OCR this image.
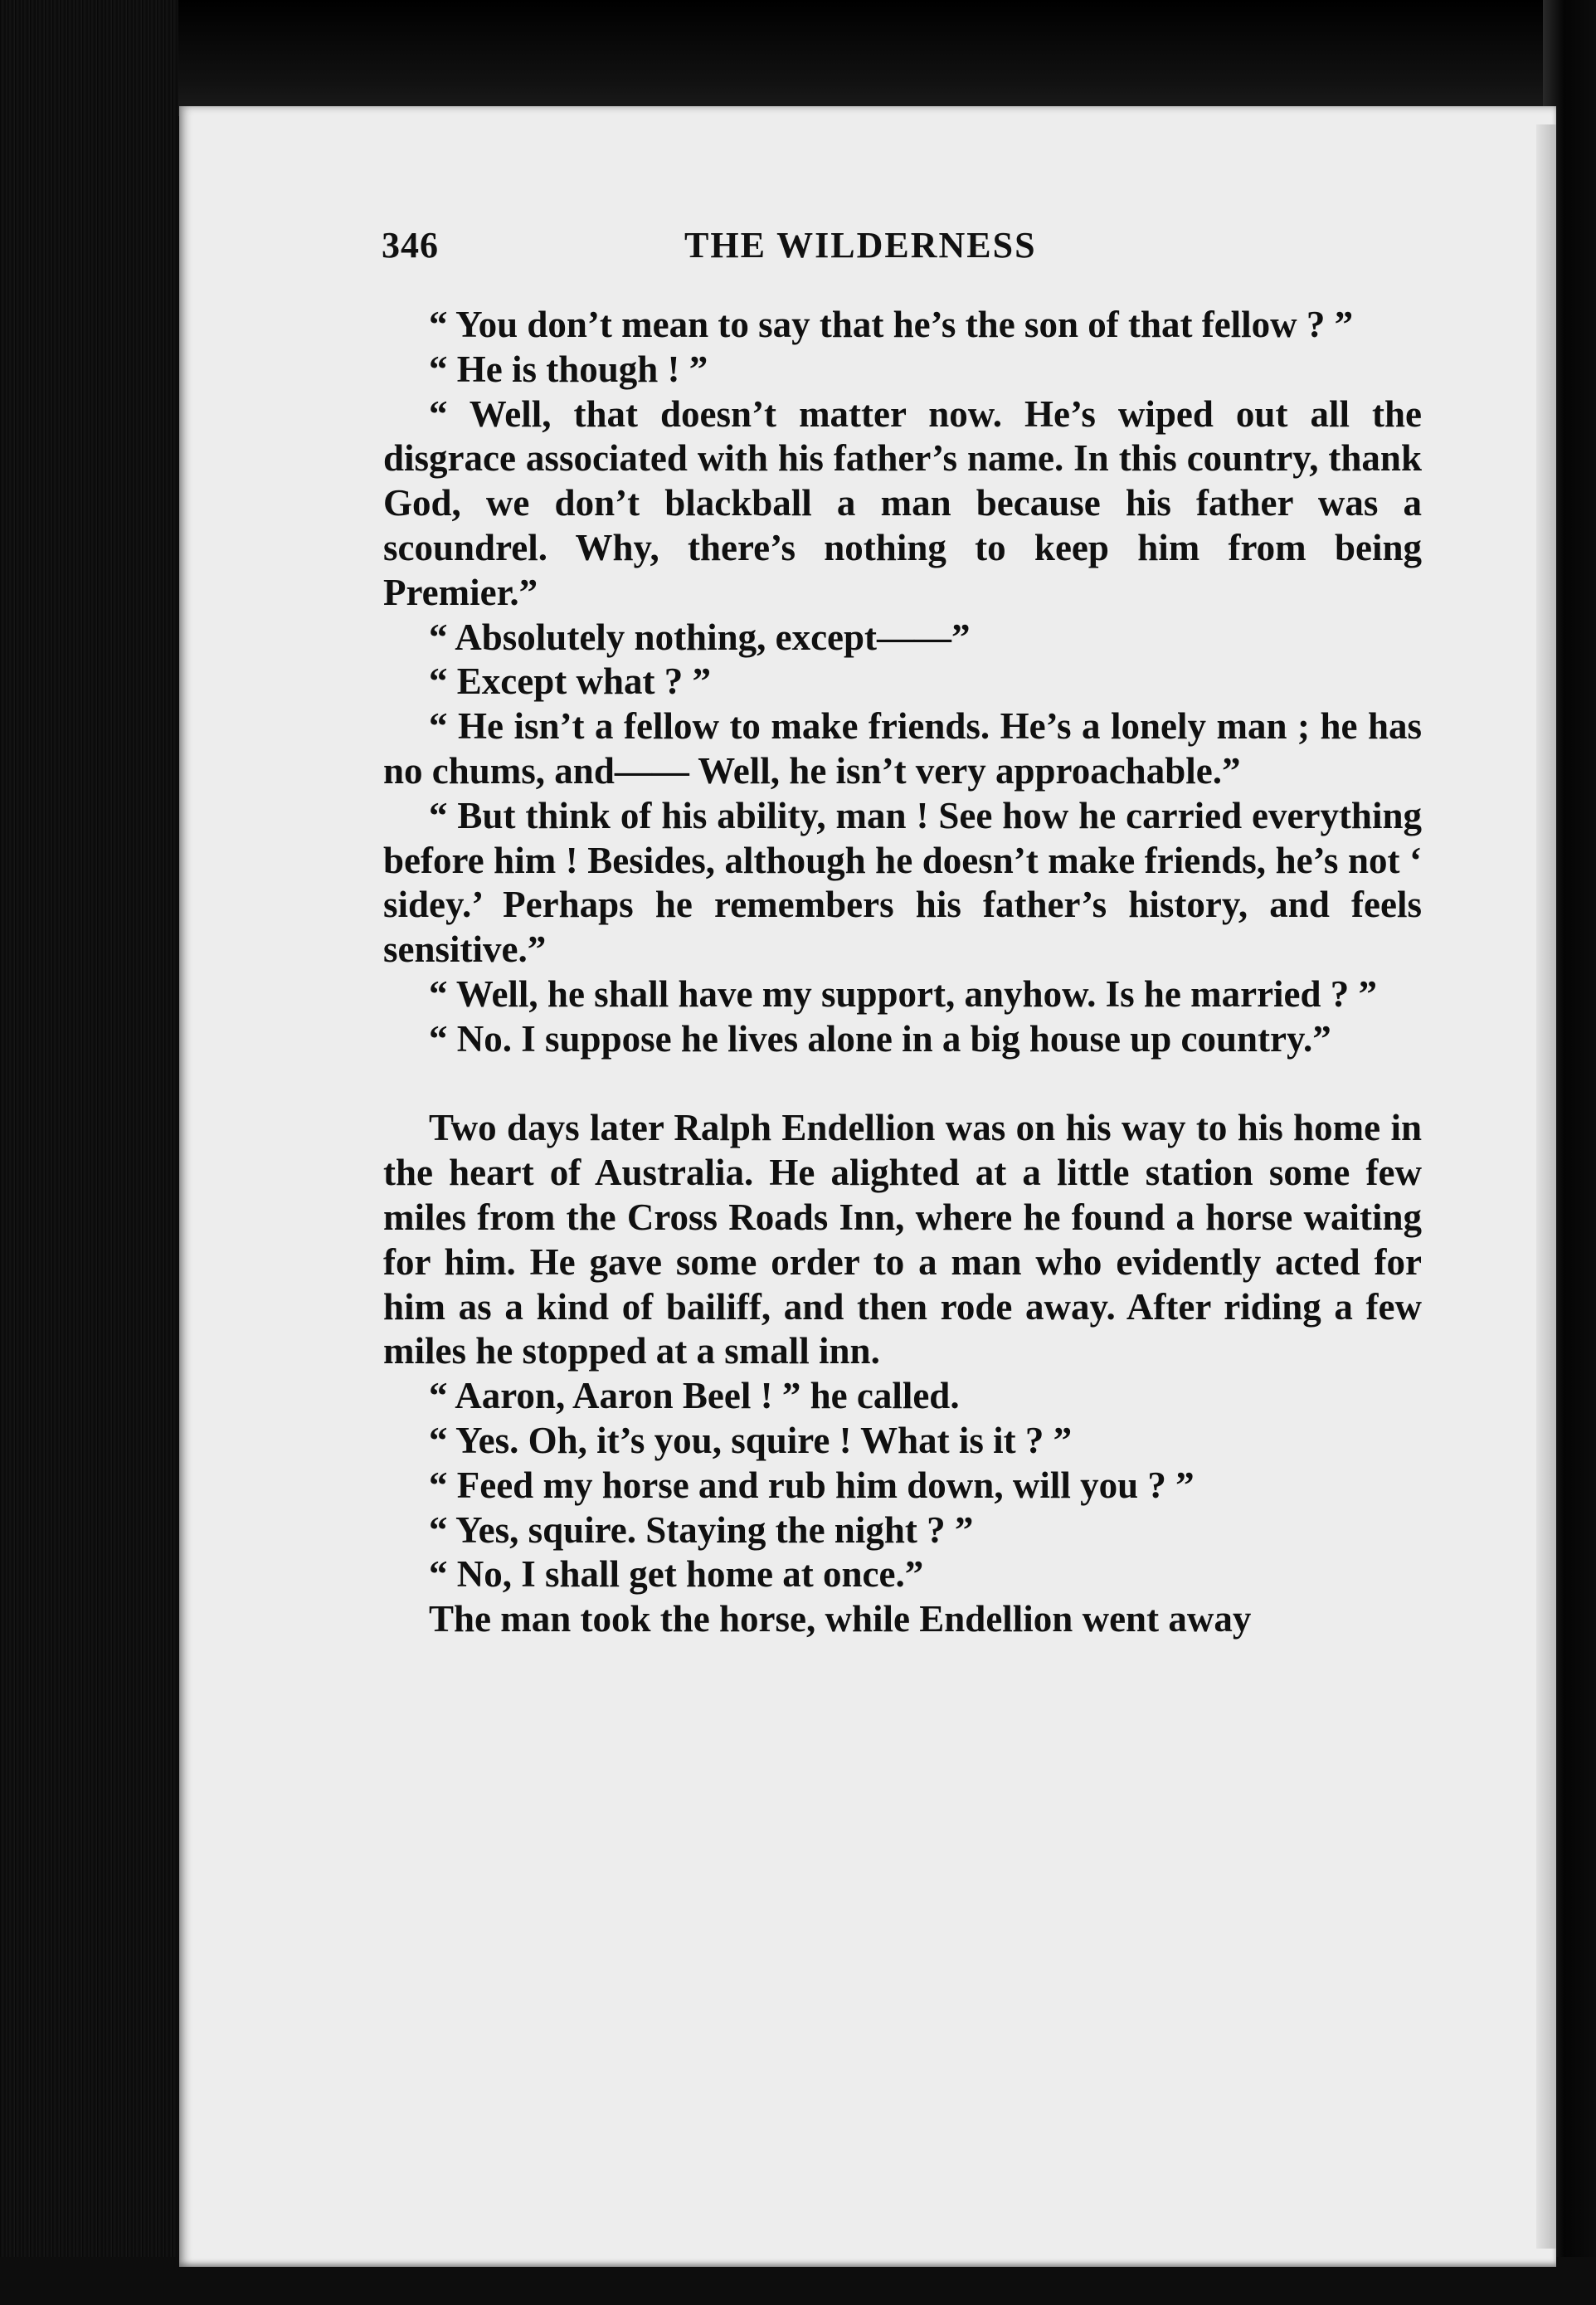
346	THE WILDERNESS

“ You don’t mean to say that he’s the son of that fellow ? ”

“ He is though ! ”

“ Well, that doesn’t matter now. He’s wiped out all the disgrace associated with his father’s name. In this country, thank God, we don’t blackball a man because his father was a scoundrel. Why, there’s nothing to keep him from being Premier.”

“ Absolutely nothing, except——”

“ Except what ? ”

“ He isn’t a fellow to make friends. He’s a lonely man ; he has no chums, and—— Well, he isn’t very approachable.”

“ But think of his ability, man ! See how he carried everything before him ! Besides, although he doesn’t make friends, he’s not ‘ sidey.’ Perhaps he remembers his father’s history, and feels sensitive.”

“ Well, he shall have my support, anyhow. Is he married ? ”

“ No. I suppose he lives alone in a big house up country.”

Two days later Ralph Endellion was on his way to his home in the heart of Australia. He alighted at a little station some few miles from the Cross Roads Inn, where he found a horse waiting for him. He gave some order to a man who evidently acted for him as a kind of bailiff, and then rode away. After riding a few miles he stopped at a small inn.

“ Aaron, Aaron Beel ! ” he called.

“ Yes. Oh, it’s you, squire ! What is it ? ”

“ Feed my horse and rub him down, will you ? ”

“ Yes, squire. Staying the night ? ”

“ No, I shall get home at once.”

The man took the horse, while Endellion went away
